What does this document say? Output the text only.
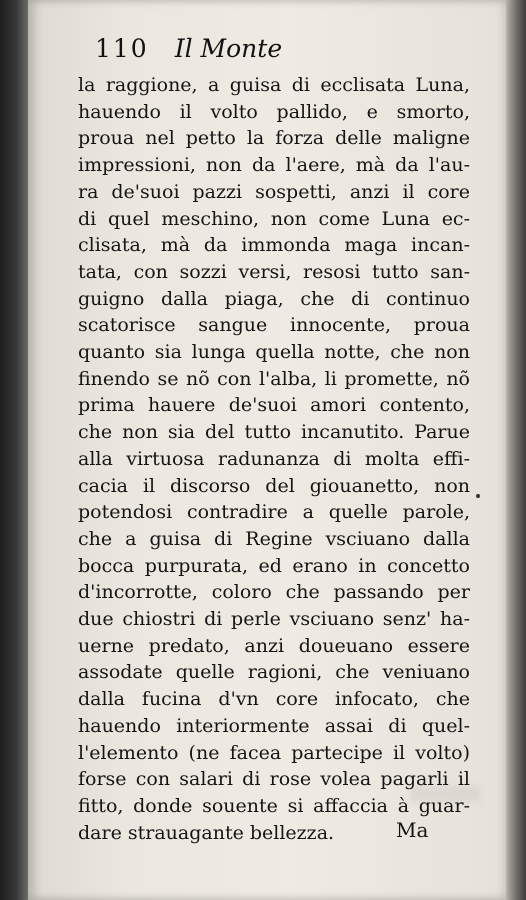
110 Il Monte
la raggione, a guisa di ecclisata Luna,
hauendo il volto pallido, e smorto,
proua nel petto la forza delle maligne
impressioni, non da l'aere, mà da l'au-
ra de'suoi pazzi sospetti, anzi il core
di quel meschino, non come Luna ec-
clisata, mà da immonda maga incan-
tata, con sozzi versi, resosi tutto san-
guigno dalla piaga, che di continuo
scatorisce sangue innocente, proua
quanto sia lunga quella notte, che non
finendo se nõ con l'alba, li promette, nõ
prima hauere de'suoi amori contento,
che non sia del tutto incanutito. Parue
alla virtuosa radunanza di molta effi-
cacia il discorso del giouanetto, non
potendosi contradire a quelle parole,
che a guisa di Regine vsciuano dalla
bocca purpurata, ed erano in concetto
d'incorrotte, coloro che passando per
due chiostri di perle vsciuano senz' ha-
uerne predato, anzi doueuano essere
assodate quelle ragioni, che veniuano
dalla fucina d'vn core infocato, che
hauendo interiormente assai di quel-
l'elemento (ne facea partecipe il volto)
forse con salari di rose volea pagarli il
fitto, donde souente si affaccia à guar-
dare strauagante bellezza.	Ma
